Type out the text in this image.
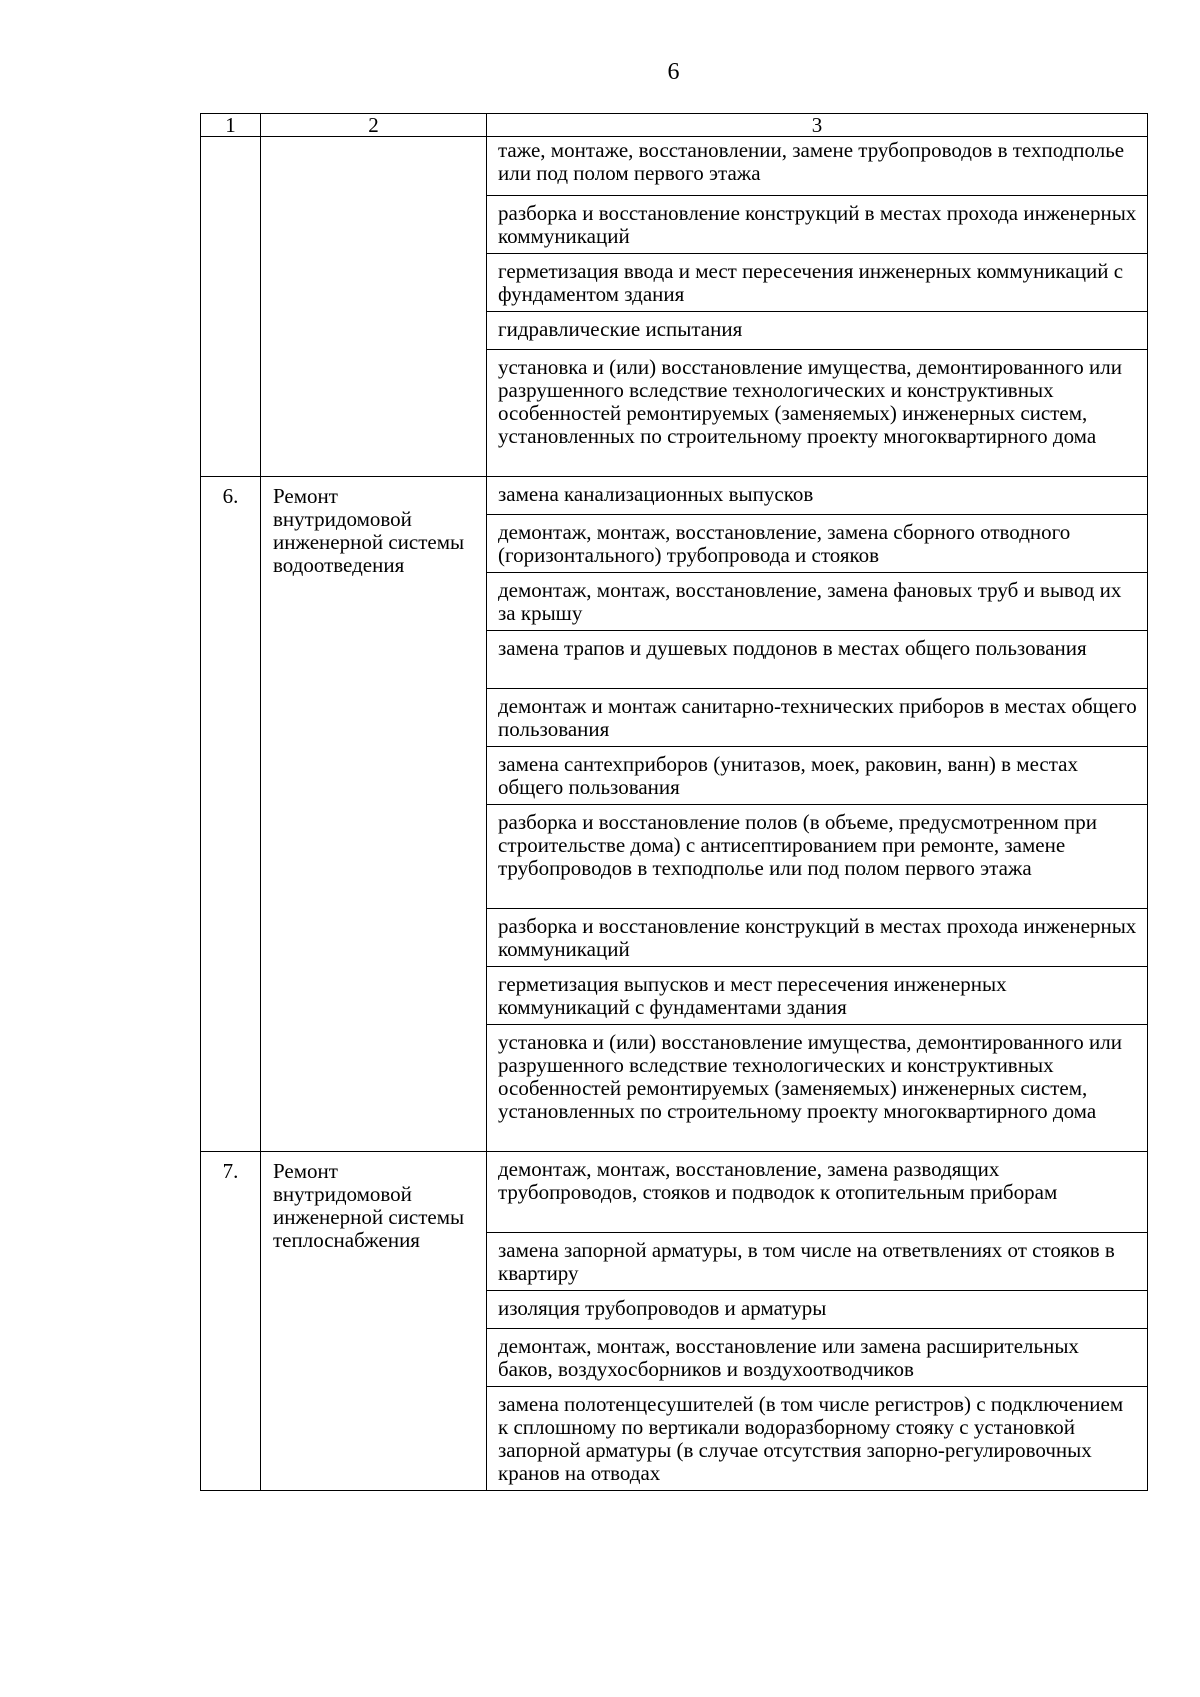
6
1	2	3
		таже, монтаже, восстановлении, замене трубопроводов в техподполье или под полом первого этажа
		разборка и восстановление конструкций в местах прохода инженерных коммуникаций
		герметизация ввода и мест пересечения инженерных коммуникаций с фундаментом здания
		гидравлические испытания
		установка и (или) восстановление имущества, демонтированного или разрушенного вследствие технологических и конструктивных особенностей ремонтируемых (заменяемых) инженерных систем, установленных по строительному проекту многоквартирного дома
6.	Ремонт внутридомовой инженерной системы водоотведения	замена канализационных выпусков
		демонтаж, монтаж, восстановление, замена сборного отводного (горизонтального) трубопровода и стояков
		демонтаж, монтаж, восстановление, замена фановых труб и вывод их за крышу
		замена трапов и душевых поддонов в местах общего пользования
		демонтаж и монтаж санитарно-технических приборов в местах общего пользования
		замена сантехприборов (унитазов, моек, раковин, ванн) в местах общего пользования
		разборка и восстановление полов (в объеме, предусмотренном при строительстве дома) с антисептированием при ремонте, замене трубопроводов в техподполье или под полом первого этажа
		разборка и восстановление конструкций в местах прохода инженерных коммуникаций
		герметизация выпусков и мест пересечения инженерных коммуникаций с фундаментами здания
		установка и (или) восстановление имущества, демонтированного или разрушенного вследствие технологических и конструктивных особенностей ремонтируемых (заменяемых) инженерных систем, установленных по строительному проекту многоквартирного дома
7.	Ремонт внутридомовой инженерной системы теплоснабжения	демонтаж, монтаж, восстановление, замена разводящих трубопроводов, стояков и подводок к отопительным приборам
		замена запорной арматуры, в том числе на ответвлениях от стояков в квартиру
		изоляция трубопроводов и арматуры
		демонтаж, монтаж, восстановление или замена расширительных баков, воздухосборников и воздухоотводчиков
		замена полотенцесушителей (в том числе регистров) с подключением к сплошному по вертикали водоразборному стояку с установкой запорной арматуры (в случае отсутствия запорно-регулировочных кранов на отводах
